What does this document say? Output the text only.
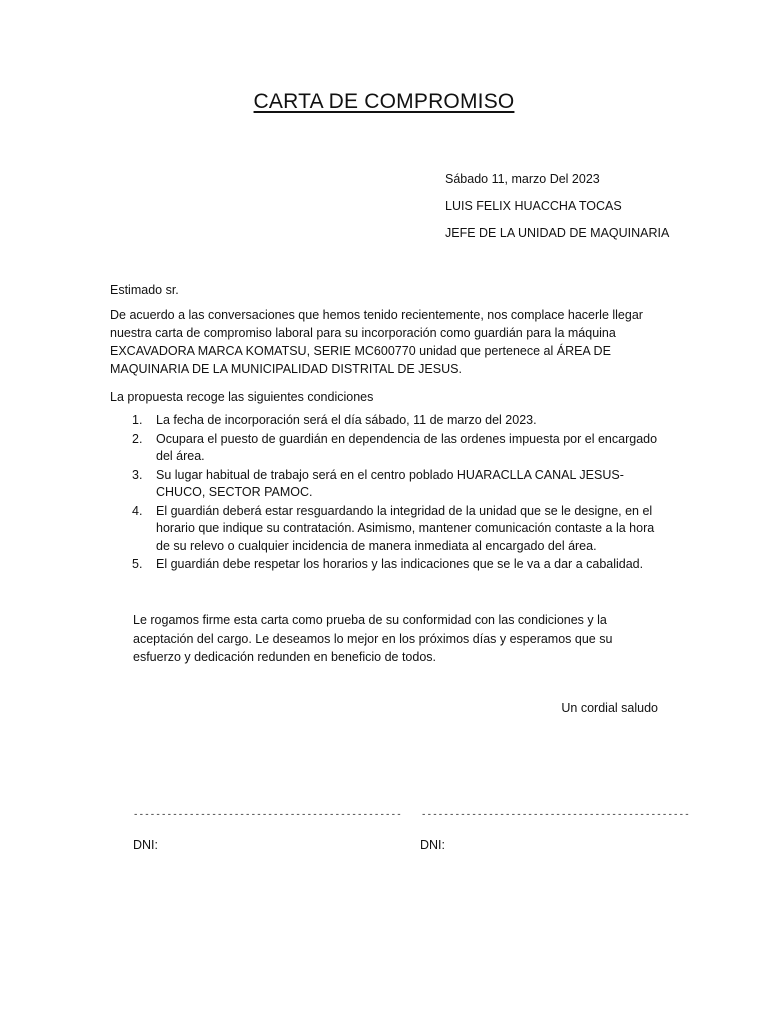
CARTA DE COMPROMISO
Sábado 11, marzo Del 2023
LUIS FELIX HUACCHA TOCAS
JEFE DE LA UNIDAD DE MAQUINARIA
Estimado sr.
De acuerdo a las conversaciones que hemos tenido recientemente, nos complace hacerle llegar nuestra carta de compromiso laboral para su incorporación como guardián para la máquina EXCAVADORA MARCA KOMATSU, SERIE MC600770 unidad que pertenece al ÁREA DE MAQUINARIA DE LA MUNICIPALIDAD DISTRITAL DE JESUS.
La propuesta recoge las siguientes condiciones
1. La fecha de incorporación será el día sábado, 11 de marzo del 2023.
2. Ocupara el puesto de guardián en dependencia de las ordenes impuesta por el encargado del área.
3. Su lugar habitual de trabajo será en el centro poblado HUARACLLA CANAL JESUS-CHUCO, SECTOR PAMOC.
4. El guardián deberá estar resguardando la integridad de la unidad que se le designe, en el horario que indique su contratación. Asimismo, mantener comunicación contaste a la hora de su relevo o cualquier incidencia de manera inmediata al encargado del área.
5. El guardián debe respetar los horarios y las indicaciones que se le va a dar a cabalidad.
Le rogamos firme esta carta como prueba de su conformidad con las condiciones y la aceptación del cargo. Le deseamos lo mejor en los próximos días y esperamos que su esfuerzo y dedicación redunden en beneficio de todos.
Un cordial saludo
------------------------------------------------ ------------------------------------------------
DNI:	DNI:
